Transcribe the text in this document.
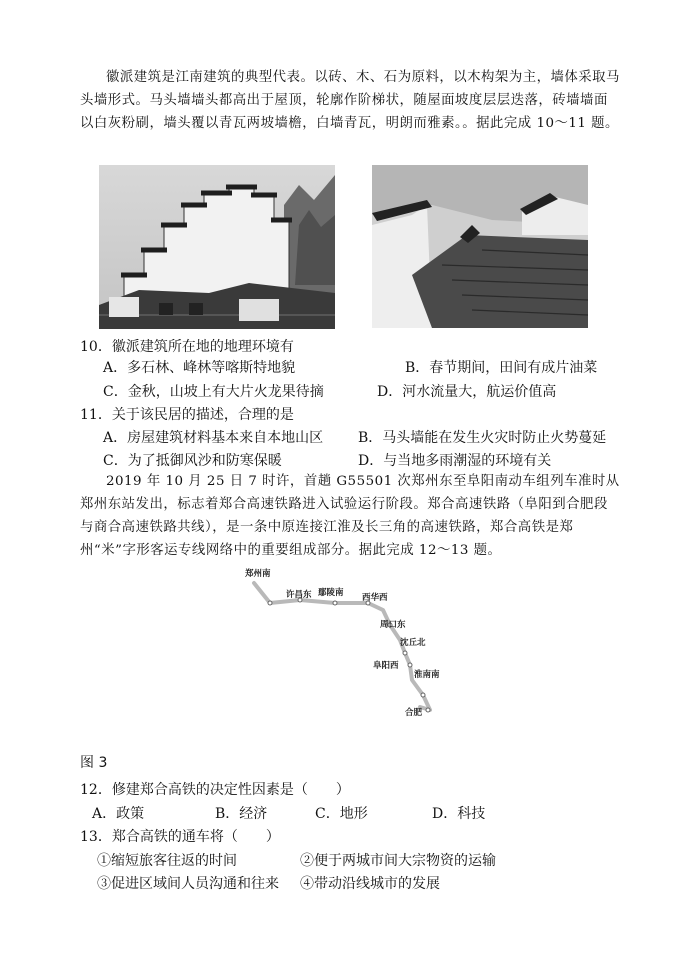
徽派建筑是江南建筑的典型代表。以砖、木、石为原料，以木构架为主，墙体采取马头墙形式。马头墙墙头都高出于屋顶，轮廓作阶梯状，随屋面坡度层层迭落，砖墙墙面以白灰粉刷，墙头覆以青瓦两坡墙檐，白墙青瓦，明朗而雅素。。据此完成 10～11 题。
10．徽派建筑所在地的地理环境有
A．多石林、峰林等喀斯特地貌	B．春节期间，田间有成片油菜
C．金秋，山坡上有大片火龙果待摘	D．河水流量大，航运价值高
11．关于该民居的描述，合理的是
A．房屋建筑材料基本来自本地山区 B．马头墙能在发生火灾时防止火势蔓延
C．为了抵御风沙和防寒保暖	D．与当地多雨潮湿的环境有关
2019 年 10 月 25 日 7 时许，首趟 G55501 次郑州东至阜阳南动车组列车准时从郑州东站发出，标志着郑合高速铁路进入试验运行阶段。郑合高速铁路（阜阳到合肥段与商合高速铁路共线），是一条中原连接江淮及长三角的高速铁路，郑合高铁是郑州“米”字形客运专线网络中的重要组成部分。据此完成 12～13 题。
郑州南
许昌东 鄢陵南 西华西
周口东
沈丘北
阜阳西
淮南南
合肥
图 3
12．修建郑合高铁的决定性因素是（　　）
A．政策	B．经济	C．地形	D．科技
13．郑合高铁的通车将（　　）
①缩短旅客往返的时间	②便于两城市间大宗物资的运输
③促进区域间人员沟通和往来 ④带动沿线城市的发展
